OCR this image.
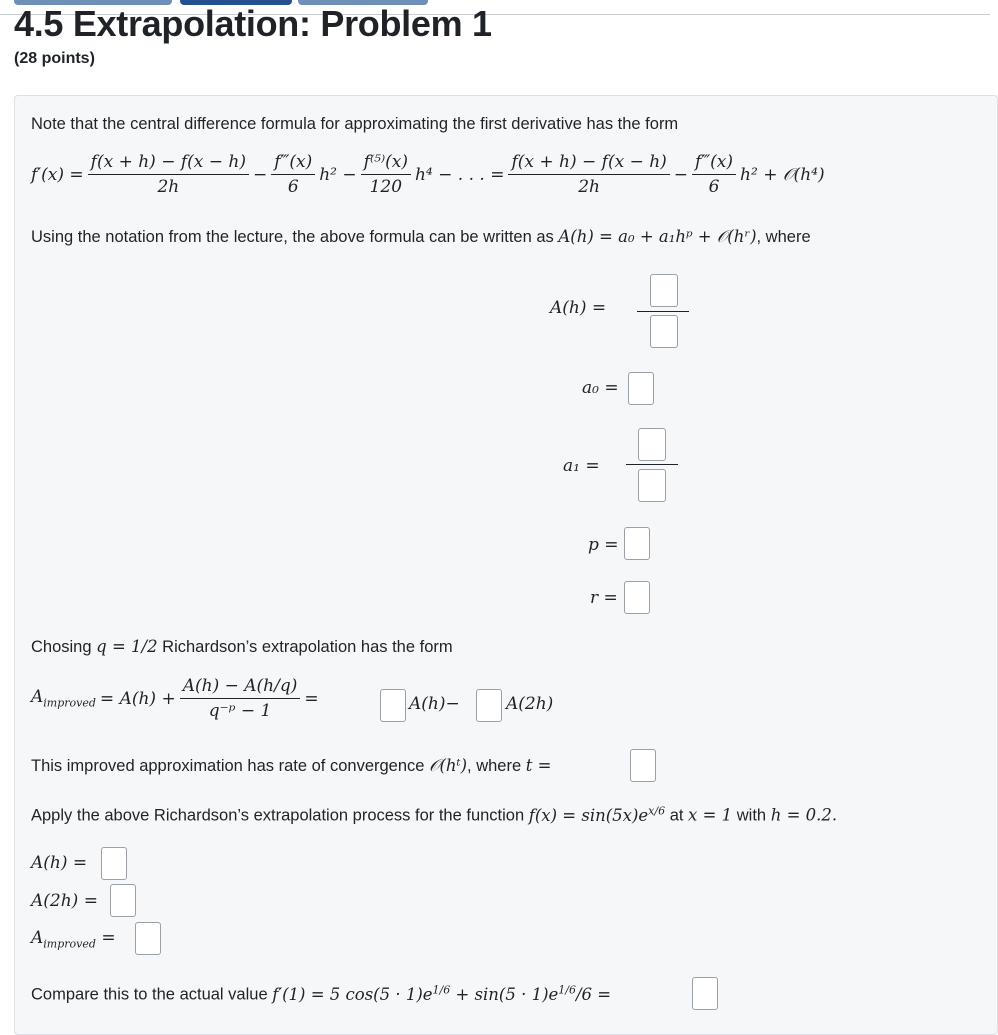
4.5 Extrapolation: Problem 1
(28 points)
Note that the central difference formula for approximating the first derivative has the form
$f'(x) = \frac{f(x + h) - f(x - h)}{2h} - \frac{f‴(x)}{6} h^2 - \frac{\text{f⁽⁵⁾(x)}}{120} h^4$ − . . . = $\frac{f(x + h) - f(x - h)}{2h} - \frac{f‴(x)}{6} h^2$ + 𝒪(h⁴)
Using the notation from the lecture, the above formula can be written as A(h) = a₀ + a₁hᵖ + 𝒪(hʳ), where
A(h) =
a₀ =
a₁ =
p =
r =
Chosing q = 1/2 Richardson’s extrapolation has the form
$A_{improved} = A(h) + \frac{A(h) - A(h/q)}{\text{q⁻ᵖ − 1}}$ =	A(h)−	A(2h)
This improved approximation has rate of convergence 𝒪(hᵗ), where t =
Apply the above Richardson’s extrapolation process for the function $f(x) = \sin(5x)e^{x/6}$ at x = 1 with h = 0.2.
A(h) =
A(2h) =
$A_{improved}$ =
Compare this to the actual value f′(1) = 5 $\cos(5 \cdot 1)e^{1/6} + \sin(5 \cdot 1)e^{1/6}/6$ =
